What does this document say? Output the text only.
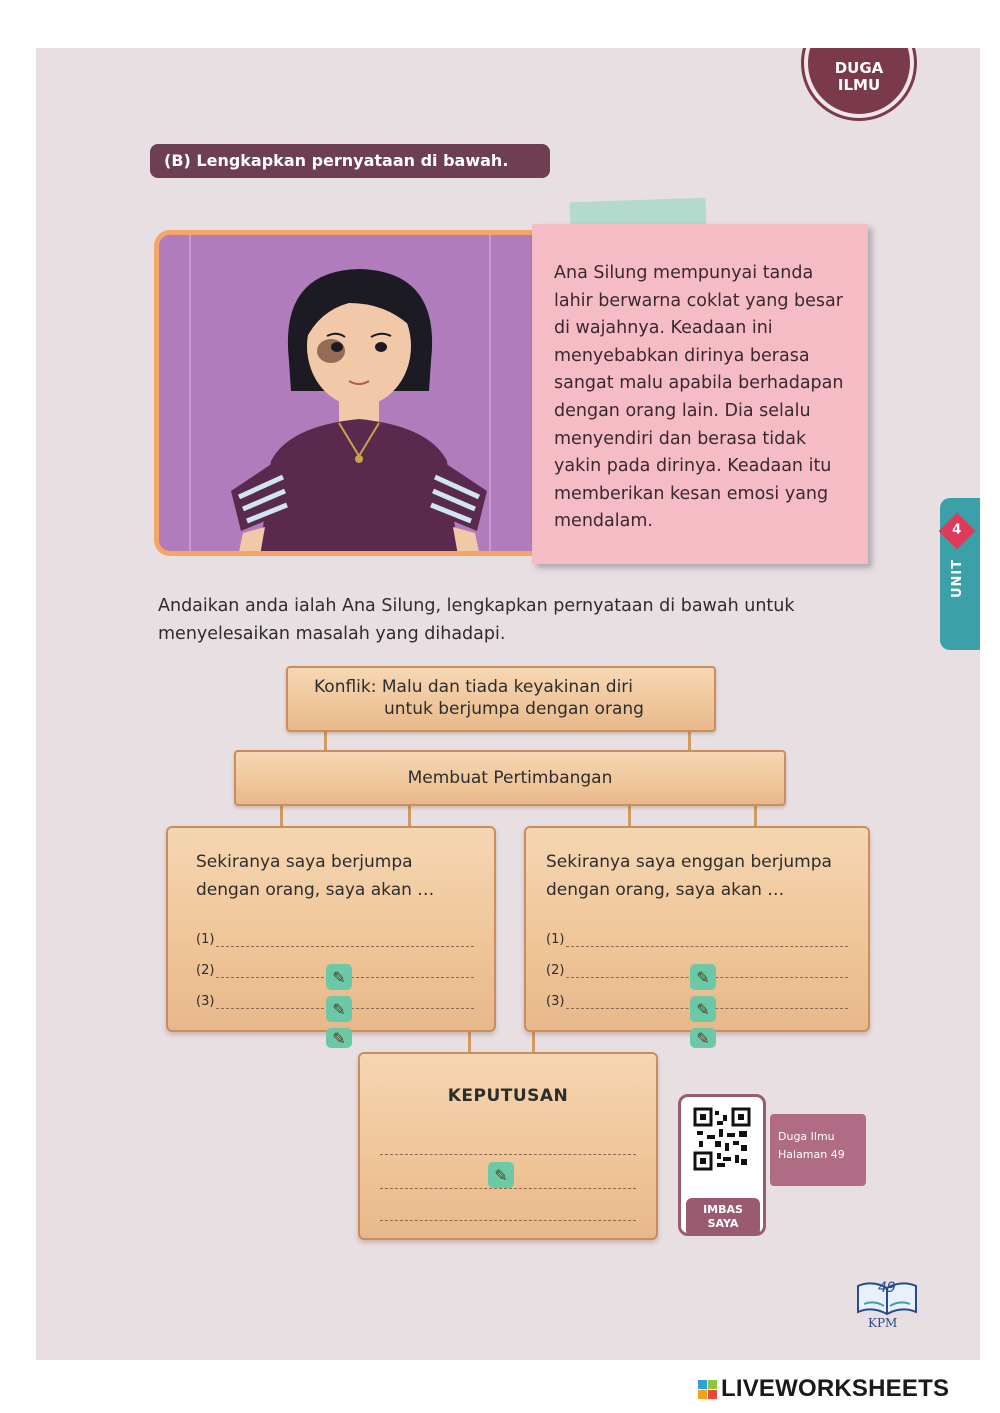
DUGA
ILMU
(B) Lengkapkan pernyataan di bawah.
Ana Silung mempunyai tanda lahir berwarna coklat yang besar di wajahnya. Keadaan ini menyebabkan dirinya berasa sangat malu apabila berhadapan dengan orang lain. Dia selalu menyendiri dan berasa tidak yakin pada dirinya. Keadaan itu memberikan kesan emosi yang mendalam.
Andaikan anda ialah Ana Silung, lengkapkan pernyataan di bawah untuk menyelesaikan masalah yang dihadapi.
Konflik: Malu dan tiada keyakinan diri
untuk berjumpa dengan orang
Membuat Pertimbangan
Sekiranya saya berjumpa dengan orang, saya akan …
(1)
(2)
(3)
✎
✎
✎
Sekiranya saya enggan berjumpa dengan orang, saya akan …
(1)
(2)
(3)
✎
✎
✎
KEPUTUSAN
✎
IMBAS
SAYA
Duga Ilmu
Halaman 49
4
UNIT
49
KPM
LIVEWORKSHEETS
